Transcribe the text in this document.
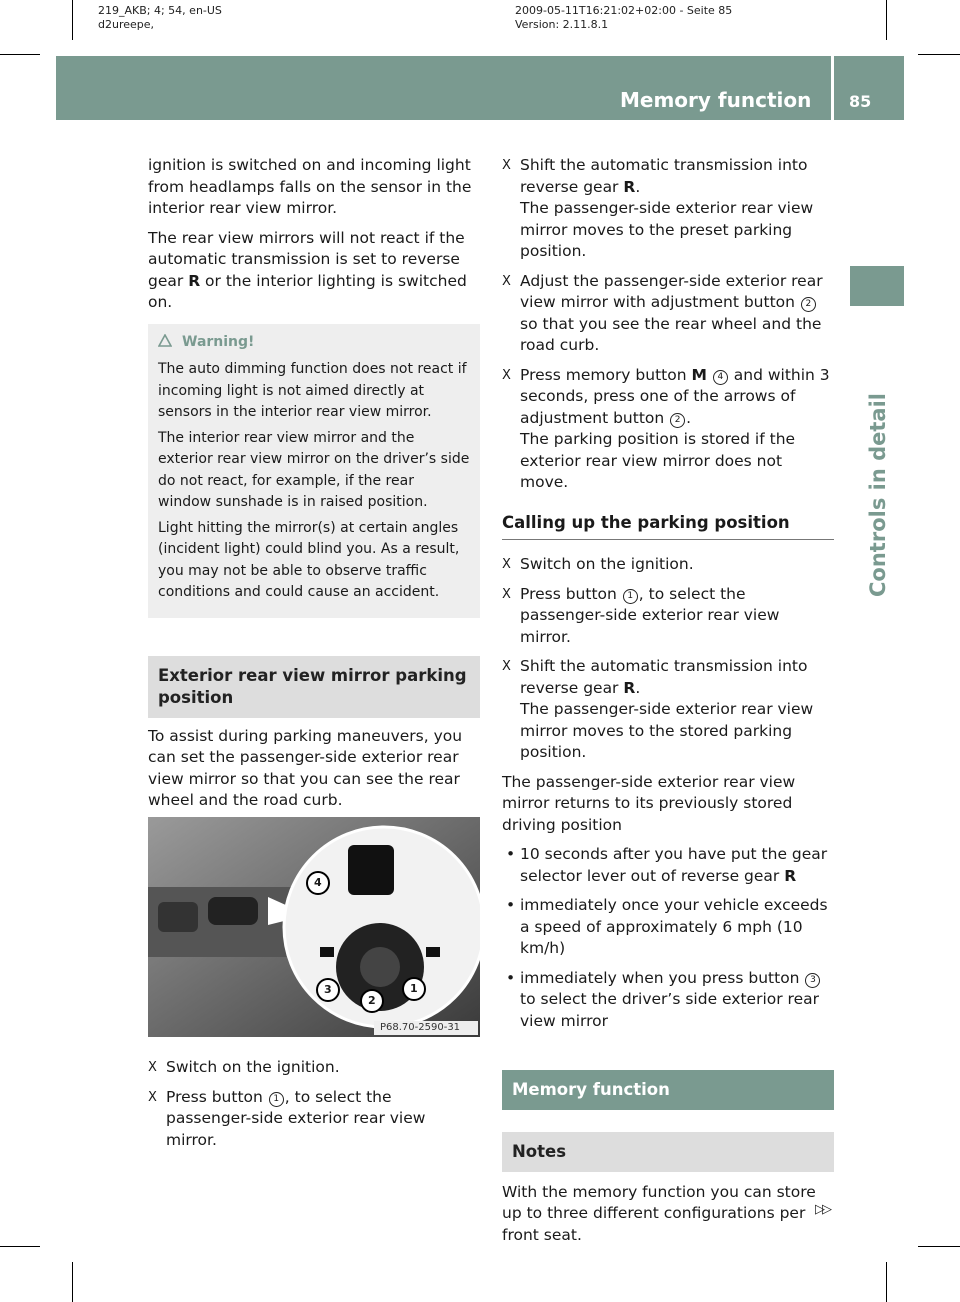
219_AKB; 4; 54, en-US
d2ureepe,
2009-05-11T16:21:02+02:00 - Seite 85
Version: 2.11.8.1
Memory function 85
Controls in detail

ignition is switched on and incoming light from headlamps falls on the sensor in the interior rear view mirror.

The rear view mirrors will not react if the automatic transmission is set to reverse gear R or the interior lighting is switched on.

Warning!

The auto dimming function does not react if incoming light is not aimed directly at sensors in the interior rear view mirror.

The interior rear view mirror and the exterior rear view mirror on the driver’s side do not react, for example, if the rear window sunshade is in raised position.

Light hitting the mirror(s) at certain angles (incident light) could blind you. As a result, you may not be able to observe traffic conditions and could cause an accident.

Exterior rear view mirror parking position

To assist during parking maneuvers, you can set the passenger-side exterior rear view mirror so that you can see the rear wheel and the road curb.

4
3
2
1
P68.70-2590-31
X Switch on the ignition.
X Press button 1 , to select the passenger-side exterior rear view mirror.
X Shift the automatic transmission into reverse gear R.
The passenger-side exterior rear view mirror moves to the preset parking position.
X Adjust the passenger-side exterior rear view mirror with adjustment button 2 so that you see the rear wheel and the road curb.
X Press memory button M 4 and within 3 seconds, press one of the arrows of adjustment button 2 .
The parking position is stored if the exterior rear view mirror does not move.
Calling up the parking position
X Switch on the ignition.
X Press button 1 , to select the passenger-side exterior rear view mirror.
X Shift the automatic transmission into reverse gear R.
The passenger-side exterior rear view mirror moves to the stored parking position.

The passenger-side exterior rear view mirror returns to its previously stored driving position

• 10 seconds after you have put the gear selector lever out of reverse gear R
• immediately once your vehicle exceeds a speed of approximately 6 mph (10 km/h)
• immediately when you press button 3 to select the driver’s side exterior rear view mirror
Memory function
Notes

With the memory function you can store up to three different configurations per front seat.

▷▷
